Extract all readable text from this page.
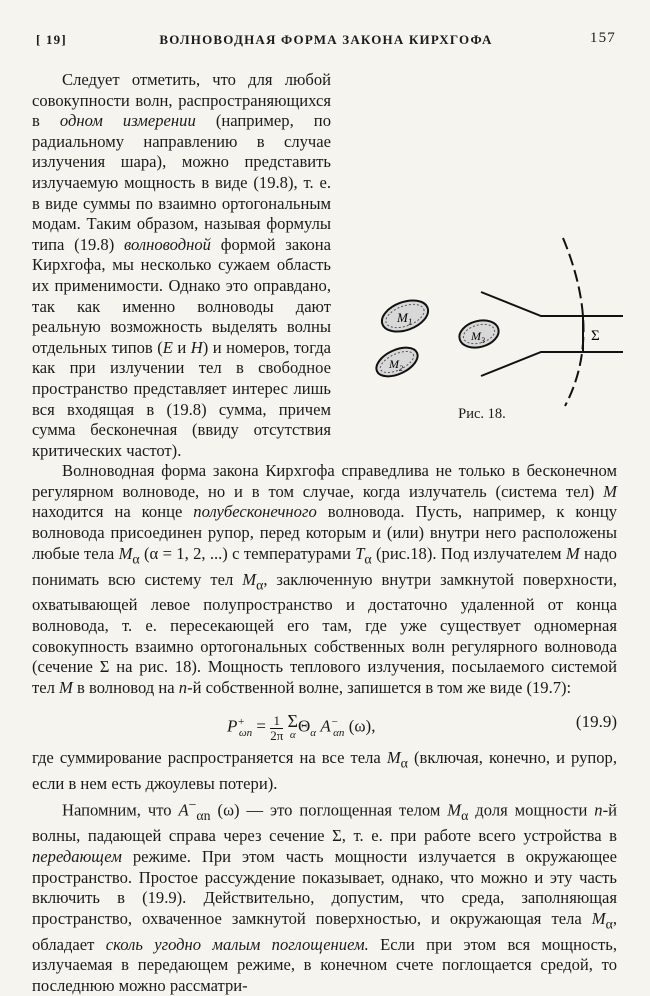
[ 19]	ВОЛНОВОДНАЯ ФОРМА ЗАКОНА КИРХГОФА	157
Σ
$M_1$
$M_2$
$M_3$
Рис. 18.

Следует отметить, что для любой совокупности волн, распространяющихся в одном измерении (например, по радиальному направлению в случае излучения шара), можно представить излучаемую мощность в виде (19.8), т. е. в виде суммы по взаимно ортогональным модам. Таким образом, называя формулы типа (19.8) волноводной формой закона Кирхгофа, мы несколько сужаем область их применимости. Однако это оправдано, так как именно волноводы дают реальную возможность выделять волны отдельных типов (E и H) и номеров, тогда как при излучении тел в свободное пространство представляет интерес лишь вся входящая в (19.8) сумма, причем сумма бесконечная (ввиду отсутствия критических частот).

Волноводная форма закона Кирхгофа справедлива не только в бесконечном регулярном волноводе, но и в том случае, когда излучатель (система тел) M находится на конце полубесконечного волновода. Пусть, например, к концу волновода присоединен рупор, перед которым и (или) внутри него расположены любые тела $M_\alpha$ (α = 1, 2, ...) с температурами $T_\alpha$ (рис.18). Под излучателем M надо понимать всю систему тел $M_\alpha$, заключенную внутри замкнутой поверхности, охватывающей левое полупространство и достаточно удаленной от конца волновода, т. е. пересекающей его там, где уже существует одномерная совокупность взаимно ортогональных собственных волн регулярного волновода (сечение Σ на рис. 18). Мощность теплового излучения, посылаемого системой тел M в волновод на n-й собственной волне, запишется в том же виде (19.7):

$P^+_{\omega n} = \frac{1}{2\pi}$
Σ
α $\Theta_\alpha$ $A^-_{\alpha n}$ (ω),	(19.9)

где суммирование распространяется на все тела $M_\alpha$ (включая, конечно, и рупор, если в нем есть джоулевы потери).

Напомним, что $A^-_{\alpha n}$ (ω) — это поглощенная телом $M_\alpha$ доля мощности n-й волны, падающей справа через сечение Σ, т. е. при работе всего устройства в передающем режиме. При этом часть мощности излучается в окружающее пространство. Простое рассуждение показывает, однако, что можно и эту часть включить в (19.9). Действительно, допустим, что среда, заполняющая пространство, охваченное замкнутой поверхностью, и окружающая тела $M_\alpha$, обладает сколь угодно малым поглощением. Если при этом вся мощность, излучаемая в передающем режиме, в конечном счете поглощается средой, то последнюю можно рассматри-
